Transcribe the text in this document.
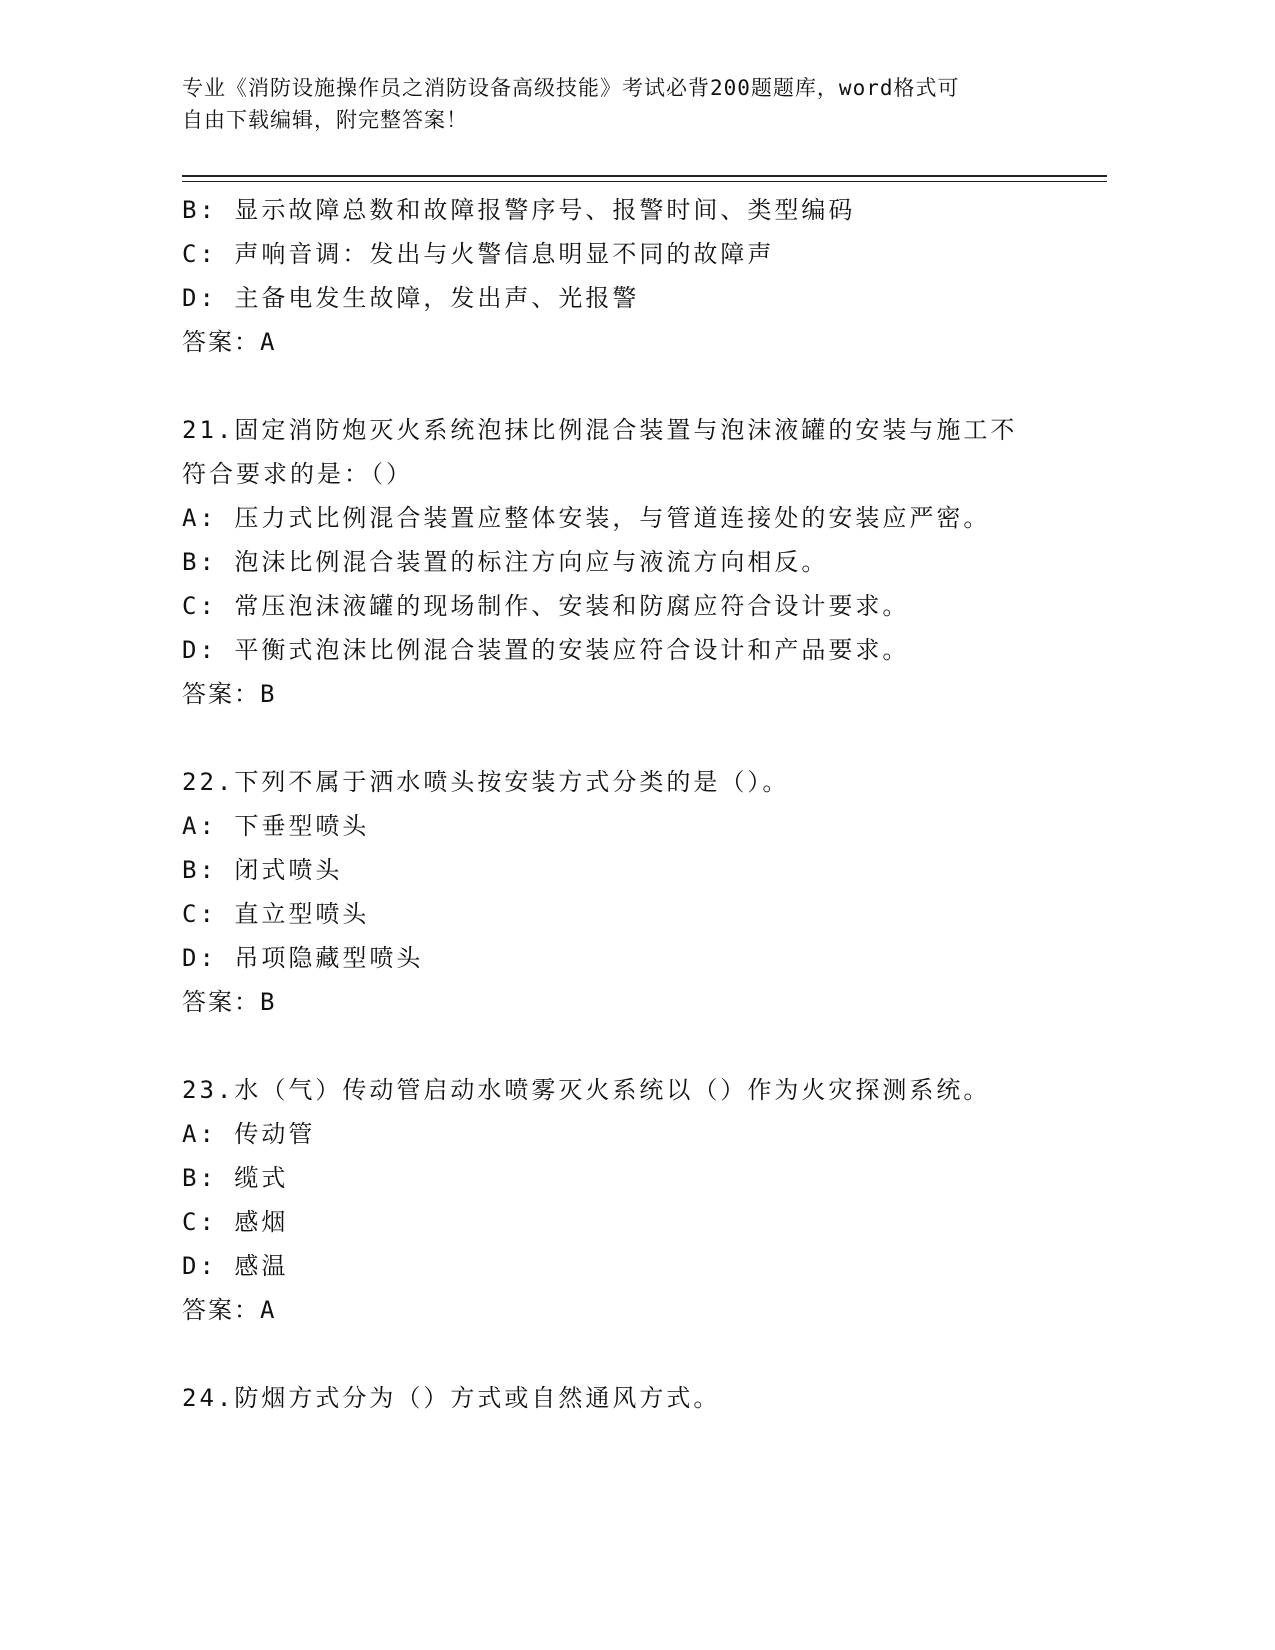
专业《消防设施操作员之消防设备高级技能》考试必背200题题库，word格式可
自由下载编辑，附完整答案！
B: 显示故障总数和故障报警序号、报警时间、类型编码
C: 声响音调：发出与火警信息明显不同的故障声
D: 主备电发生故障，发出声、光报警
答案：A
21.固定消防炮灭火系统泡抹比例混合装置与泡沫液罐的安装与施工不
符合要求的是：（）
A: 压力式比例混合装置应整体安装，与管道连接处的安装应严密。
B: 泡沫比例混合装置的标注方向应与液流方向相反。
C: 常压泡沫液罐的现场制作、安装和防腐应符合设计要求。
D: 平衡式泡沫比例混合装置的安装应符合设计和产品要求。
答案：B
22.下列不属于洒水喷头按安装方式分类的是（）。
A: 下垂型喷头
B: 闭式喷头
C: 直立型喷头
D: 吊项隐藏型喷头
答案：B
23.水（气）传动管启动水喷雾灭火系统以（）作为火灾探测系统。
A: 传动管
B: 缆式
C: 感烟
D: 感温
答案：A
24.防烟方式分为（）方式或自然通风方式。
